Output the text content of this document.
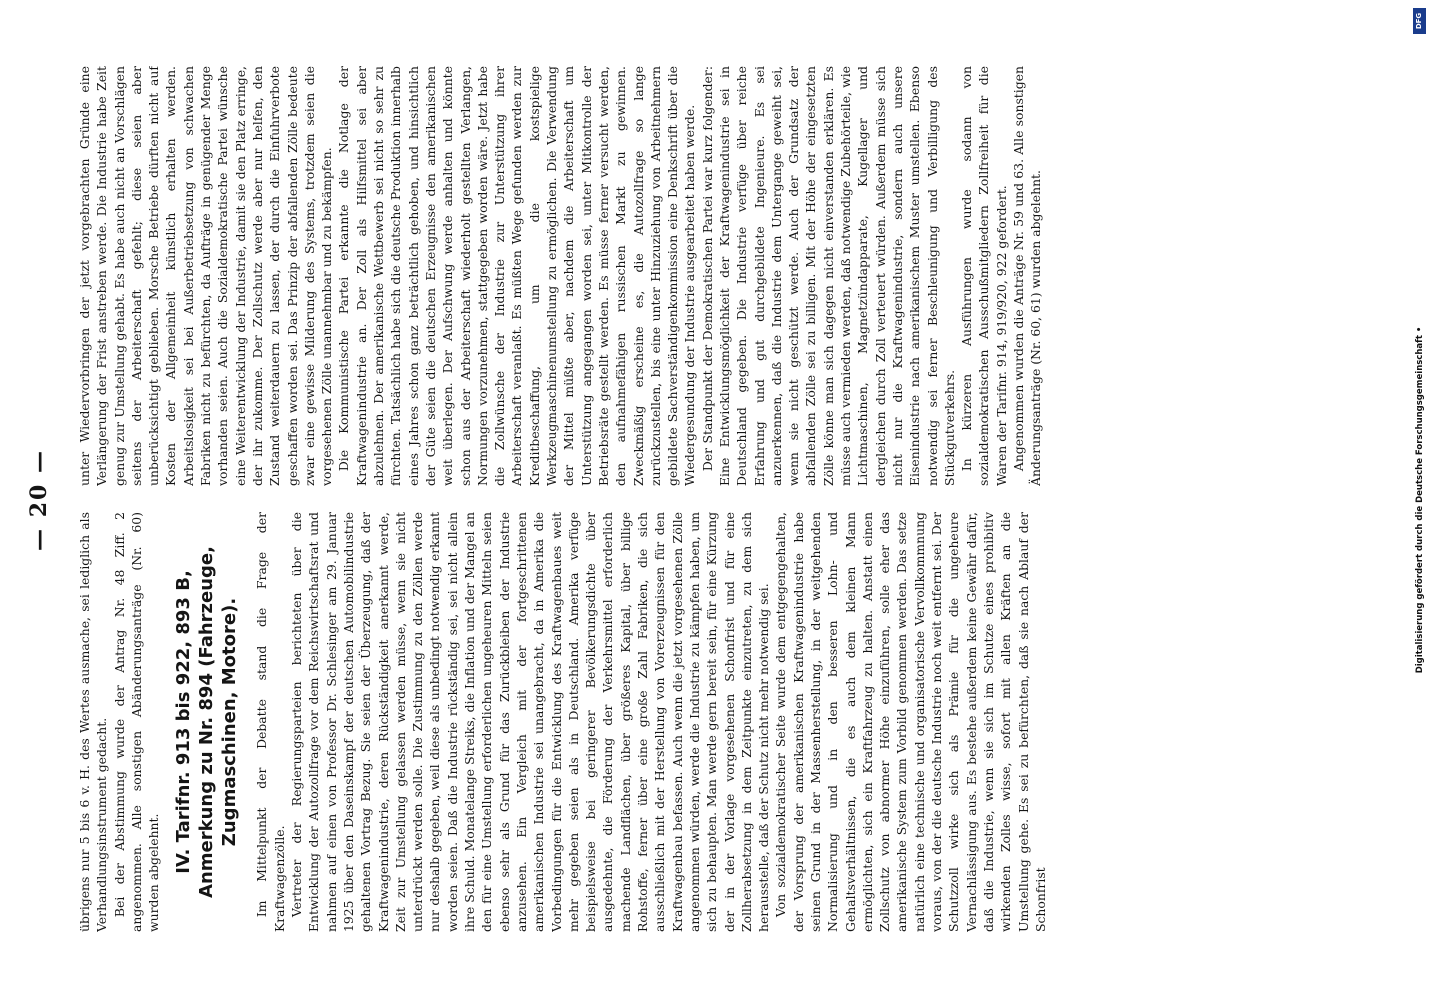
— 20 —

übrigens nur 5 bis 6 v. H. des Wertes ausmache, sei lediglich als Verhandlungsinstrument gedacht. Bei der Abstimmung wurde der Antrag Nr. 48 Ziff. 2 angenommen. Alle sonstigen Abänderungsanträge (Nr. 60) wurden abgelehnt. IV. Tarifnr. 913 bis 922, 893 B, Anmerkung zu Nr. 894 (Fahrzeuge, Zugmaschinen, Motore). Im Mittelpunkt der Debatte stand die Frage der Kraftwagenzölle. Vertreter der Regierungsparteien berichteten über die Entwicklung der Autozollfrage vor dem Reichswirtschaftsrat und nahmen auf einen von Professor Dr. Schlesinger am 29. Januar 1925 über den Daseinskampf der deutschen Automobilindustrie gehaltenen Vortrag Bezug. Sie seien der Überzeugung, daß der Kraftwagenindustrie, deren Rückständigkeit anerkannt werde, Zeit zur Umstellung gelassen werden müsse, wenn sie nicht unterdrückt werden solle. Die Zustimmung zu den Zöllen werde nur deshalb gegeben, weil diese als unbedingt notwendig erkannt worden seien. Daß die Industrie rückständig sei, sei nicht allein ihre Schuld. Monatelange Streiks, die Inflation und der Mangel an den für eine Umstellung erforderlichen ungeheuren Mitteln seien ebenso sehr als Grund für das Zurückbleiben der Industrie anzusehen. Ein Vergleich mit der fortgeschrittenen amerikanischen Industrie sei unangebracht, da in Amerika die Vorbedingungen für die Entwicklung des Kraftwagenbaues weit mehr gegeben seien als in Deutschland. Amerika verfüge beispielsweise bei geringerer Bevölkerungsdichte über ausgedehnte, die Förderung der Verkehrsmittel erforderlich machende Landflächen, über größeres Kapital, über billige Rohstoffe, ferner über eine große Zahl Fabriken, die sich ausschließlich mit der Herstellung von Vorerzeugnissen für den Kraftwagenbau befassen. Auch wenn die jetzt vorgesehenen Zölle angenommen würden, werde die Industrie zu kämpfen haben, um sich zu behaupten. Man werde gern bereit sein, für eine Kürzung der in der Vorlage vorgesehenen Schonfrist und für eine Zollherabsetzung in dem Zeitpunkte einzutreten, zu dem sich herausstelle, daß der Schutz nicht mehr notwendig sei. Von sozialdemokratischer Seite wurde dem entgegengehalten, der Vorsprung der amerikanischen Kraftwagenindustrie habe seinen Grund in der Massenherstellung, in der weitgehenden Normalisierung und in den besseren Lohn- und Gehaltsverhältnissen, die es auch dem kleinen Mann ermöglichten, sich ein Kraftfahrzeug zu halten. Anstatt einen Zollschutz von abnormer Höhe einzuführen, solle eher das amerikanische System zum Vorbild genommen werden. Das setze natürlich eine technische und organisatorische Vervollkommnung voraus, von der die deutsche Industrie noch weit entfernt sei. Der Schutzzoll wirke sich als Prämie für die ungeheure Vernachlässigung aus. Es bestehe außerdem keine Gewähr dafür, daß die Industrie, wenn sie sich im Schutze eines prohibitiv wirkenden Zolles wisse, sofort mit allen Kräften an die Umstellung gehe. Es sei zu befürchten, daß sie nach Ablauf der Schonfrist

unter Wiedervorbringen der jetzt vorgebrachten Gründe eine Verlängerung der Frist anstreben werde. Die Industrie habe Zeit genug zur Umstellung gehabt. Es habe auch nicht an Vorschlägen seitens der Arbeiterschaft gefehlt; diese seien aber unberücksichtigt geblieben. Morsche Betriebe dürften nicht auf Kosten der Allgemeinheit künstlich erhalten werden. Arbeitslosigkeit sei bei Außerbetriebsetzung von schwachen Fabriken nicht zu befürchten, da Aufträge in genügender Menge vorhanden seien. Auch die Sozialdemokratische Partei wünsche eine Weiterentwicklung der Industrie, damit sie den Platz erringe, der ihr zukomme. Der Zollschutz werde aber nur helfen, den Zustand weiterdauern zu lassen, der durch die Einfuhrverbote geschaffen worden sei. Das Prinzip der abfallenden Zölle bedeute zwar eine gewisse Milderung des Systems, trotzdem seien die vorgesehenen Zölle unannehmbar und zu bekämpfen. Die Kommunistische Partei erkannte die Notlage der Kraftwagenindustrie an. Der Zoll als Hilfsmittel sei aber abzulehnen. Der amerikanische Wettbewerb sei nicht so sehr zu fürchten. Tatsächlich habe sich die deutsche Produktion innerhalb eines Jahres schon ganz beträchtlich gehoben, und hinsichtlich der Güte seien die deutschen Erzeugnisse den amerikanischen weit überlegen. Der Aufschwung werde anhalten und könnte schon aus der Arbeiterschaft wiederholt gestellten Verlangen, Normungen vorzunehmen, stattgegeben worden wäre. Jetzt habe die Zollwünsche der Industrie zur Unterstützung ihrer Arbeiterschaft veranlaßt. Es müßten Wege gefunden werden zur Kreditbeschaffung, um die kostspielige Werkzeugmaschinenumstellung zu ermöglichen. Die Verwendung der Mittel müßte aber, nachdem die Arbeiterschaft um Unterstützung angegangen worden sei, unter Mitkontrolle der Betriebsräte gestellt werden. Es müsse ferner versucht werden, den aufnahmefähigen russischen Markt zu gewinnen. Zweckmäßig erscheine es, die Autozollfrage so lange zurückzustellen, bis eine unter Hinzuziehung von Arbeitnehmern gebildete Sachverständigenkommission eine Denkschrift über die Wiedergesundung der Industrie ausgearbeitet haben werde. Der Standpunkt der Demokratischen Partei war kurz folgender: Eine Entwicklungsmöglichkeit der Kraftwagenindustrie sei in Deutschland gegeben. Die Industrie verfüge über reiche Erfahrung und gut durchgebildete Ingenieure. Es sei anzuerkennen, daß die Industrie dem Untergange geweiht sei, wenn sie nicht geschützt werde. Auch der Grundsatz der abfallenden Zölle sei zu billigen. Mit der Höhe der eingesetzten Zölle könne man sich dagegen nicht einverstanden erklären. Es müsse auch vermieden werden, daß notwendige Zubehörteile, wie Lichtmaschinen, Magnetzündapparate, Kugellager und dergleichen durch Zoll verteuert würden. Außerdem müsse sich nicht nur die Kraftwagenindustrie, sondern auch unsere Eisenindustrie nach amerikanischem Muster umstellen. Ebenso notwendig sei ferner Beschleunigung und Verbilligung des Stückgutverkehrs. In kürzeren Ausführungen wurde sodann von sozialdemokratischen Ausschußmitgliedern Zollfreiheit für die Waren der Tarifnr. 914, 919/920, 922 gefordert. Angenommen wurden die Anträge Nr. 59 und 63. Alle sonstigen Änderungsanträge (Nr. 60, 61) wurden abgelehnt.

DFG
Digitalisierung gefördert durch die Deutsche Forschungsgemeinschaft •
